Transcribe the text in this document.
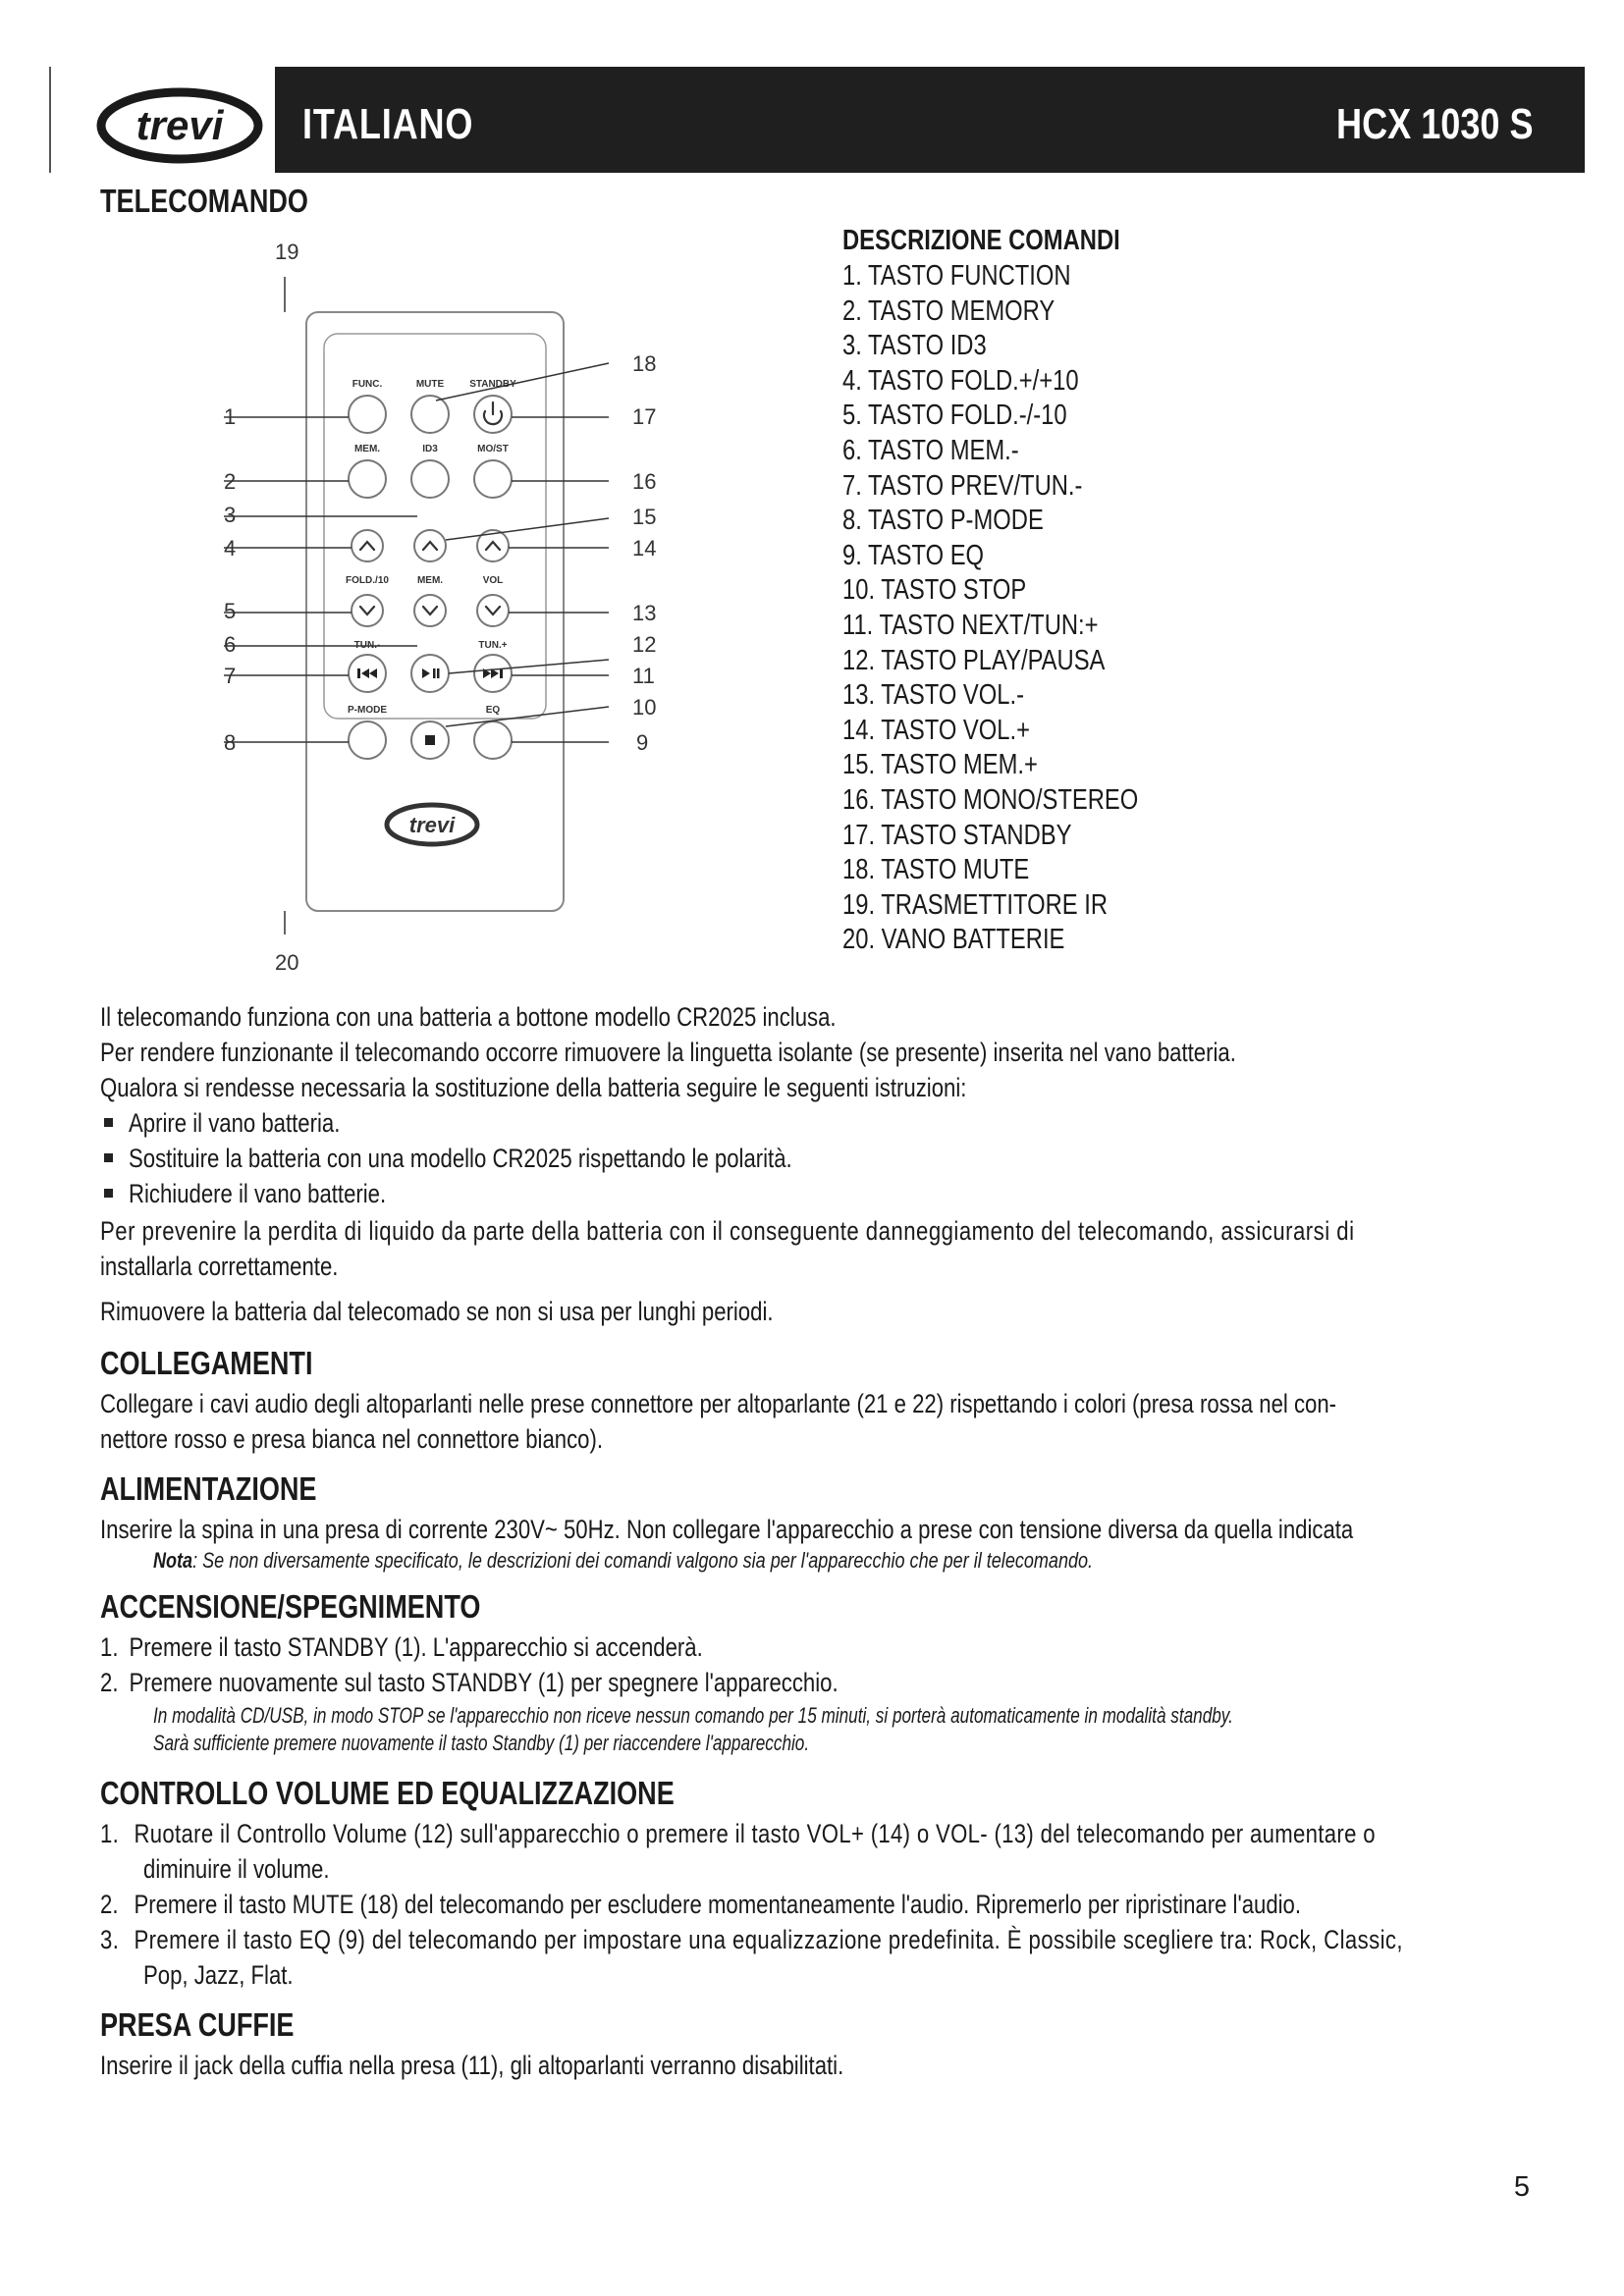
trevi ITALIANO	HCX 1030 S
TELECOMANDO
FUNC.	MUTE	STANDBY
MEM.	ID3	MO/ST
FOLD./10	MEM.	VOL
TUN.-	TUN.+
P-MODE	EQ
trevi
19
20
1
2
3
4
5
6
7
8	9
10
11
12
13
14
15
16
17
18
DESCRIZIONE COMANDI
1. TASTO FUNCTION
2. TASTO MEMORY
3. TASTO ID3
4. TASTO FOLD.+/+10
5. TASTO FOLD.-/-10
6. TASTO MEM.-
7. TASTO PREV/TUN.-
8. TASTO P-MODE
9. TASTO EQ
10. TASTO STOP
11. TASTO NEXT/TUN:+
12. TASTO PLAY/PAUSA
13. TASTO VOL.-
14. TASTO VOL.+
15. TASTO MEM.+
16. TASTO MONO/STEREO
17. TASTO STANDBY
18. TASTO MUTE
19. TRASMETTITORE IR
20. VANO BATTERIE
Il telecomando funziona con una batteria a bottone modello CR2025 inclusa.
Per rendere funzionante il telecomando occorre rimuovere la linguetta isolante (se presente) inserita nel vano batteria.
Qualora si rendesse necessaria la sostituzione della batteria seguire le seguenti istruzioni:
Aprire il vano batteria.
Sostituire la batteria con una modello CR2025 rispettando le polarità.
Richiudere il vano batterie.
Per prevenire la perdita di liquido da parte della batteria con il conseguente danneggiamento del telecomando, assicurarsi di
installarla correttamente.
Rimuovere la batteria dal telecomado se non si usa per lunghi periodi.
COLLEGAMENTI
Collegare i cavi audio degli altoparlanti nelle prese connettore per altoparlante (21 e 22) rispettando i colori (presa rossa nel con-
nettore rosso e presa bianca nel connettore bianco).
ALIMENTAZIONE
Inserire la spina in una presa di corrente 230V~ 50Hz. Non collegare l'apparecchio a prese con tensione diversa da quella indicata
Nota: Se non diversamente specificato, le descrizioni dei comandi valgono sia per l'apparecchio che per il telecomando.
ACCENSIONE/SPEGNIMENTO
1. Premere il tasto STANDBY (1). L'apparecchio si accenderà.
2. Premere nuovamente sul tasto STANDBY (1) per spegnere l'apparecchio.
In modalità CD/USB, in modo STOP se l'apparecchio non riceve nessun comando per 15 minuti, si porterà automaticamente in modalità standby.
Sarà sufficiente premere nuovamente il tasto Standby (1) per riaccendere l'apparecchio.
CONTROLLO VOLUME ED EQUALIZZAZIONE
1. Ruotare il Controllo Volume (12) sull'apparecchio o premere il tasto VOL+ (14) o VOL- (13) del telecomando per aumentare o
diminuire il volume.
2. Premere il tasto MUTE (18) del telecomando per escludere momentaneamente l'audio. Ripremerlo per ripristinare l'audio.
3. Premere il tasto EQ (9) del telecomando per impostare una equalizzazione predefinita. È possibile scegliere tra: Rock, Classic,
Pop, Jazz, Flat.
PRESA CUFFIE
Inserire il jack della cuffia nella presa (11), gli altoparlanti verranno disabilitati.
5
